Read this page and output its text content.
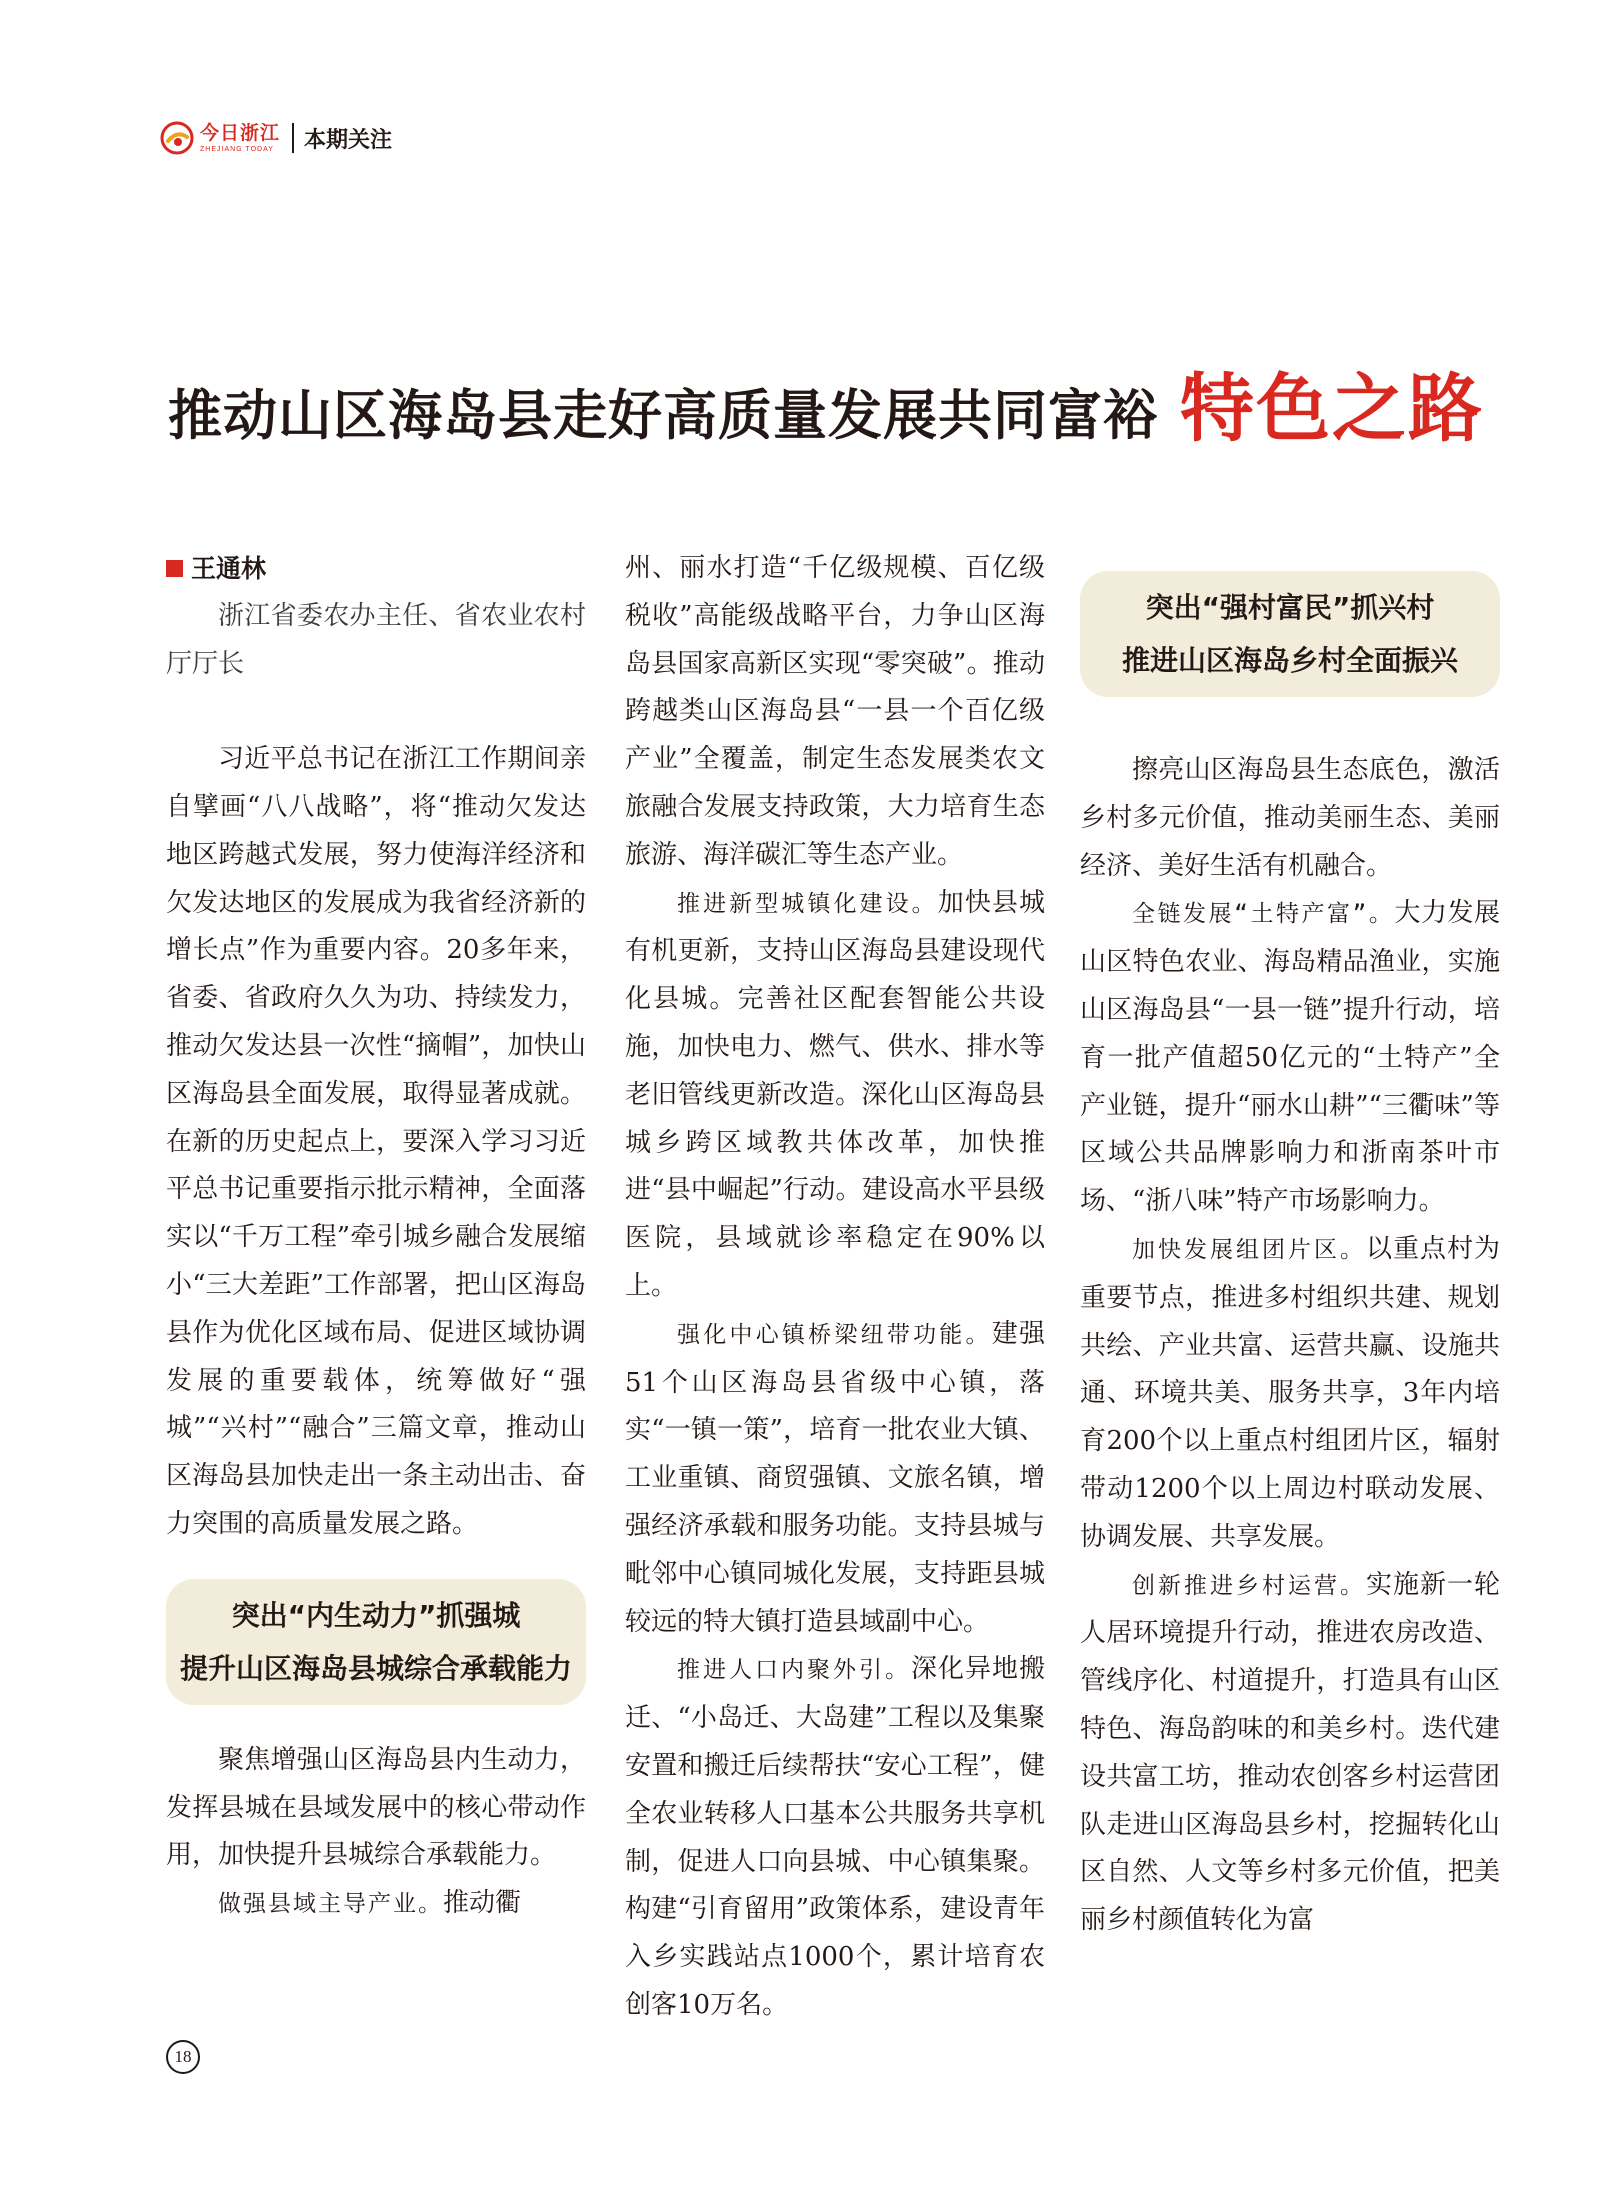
今日浙江
ZHEJIANG TODAY 本期关注
推动山区海岛县走好高质量发展共同富裕 特色之路
王通林

浙江省委农办主任、省农业农村厅厅长

习近平总书记在浙江工作期间亲自擘画“八八战略”，将“推动欠发达地区跨越式发展，努力使海洋经济和欠发达地区的发展成为我省经济新的增长点”作为重要内容。20多年来，省委、省政府久久为功、持续发力，推动欠发达县一次性“摘帽”，加快山区海岛县全面发展，取得显著成就。在新的历史起点上，要深入学习习近平总书记重要指示批示精神，全面落实以“千万工程”牵引城乡融合发展缩小“三大差距”工作部署，把山区海岛县作为优化区域布局、促进区域协调发展的重要载体，统筹做好“强城”“兴村”“融合”三篇文章，推动山区海岛县加快走出一条主动出击、奋力突围的高质量发展之路。

突出“内生动力”抓强城
提升山区海岛县城综合承载能力

聚焦增强山区海岛县内生动力，发挥县城在县域发展中的核心带动作用，加快提升县城综合承载能力。

做强县域主导产业。推动衢

州、丽水打造“千亿级规模、百亿级税收”高能级战略平台，力争山区海岛县国家高新区实现“零突破”。推动跨越类山区海岛县“一县一个百亿级产业”全覆盖，制定生态发展类农文旅融合发展支持政策，大力培育生态旅游、海洋碳汇等生态产业。

推进新型城镇化建设。加快县城有机更新，支持山区海岛县建设现代化县城。完善社区配套智能公共设施，加快电力、燃气、供水、排水等老旧管线更新改造。深化山区海岛县城乡跨区域教共体改革，加快推进“县中崛起”行动。建设高水平县级医院，县域就诊率稳定在90%以上。

强化中心镇桥梁纽带功能。建强51个山区海岛县省级中心镇，落实“一镇一策”，培育一批农业大镇、工业重镇、商贸强镇、文旅名镇，增强经济承载和服务功能。支持县城与毗邻中心镇同城化发展，支持距县城较远的特大镇打造县域副中心。

推进人口内聚外引。深化异地搬迁、“小岛迁、大岛建”工程以及集聚安置和搬迁后续帮扶“安心工程”，健全农业转移人口基本公共服务共享机制，促进人口向县城、中心镇集聚。构建“引育留用”政策体系，建设青年入乡实践站点1000个，累计培育农创客10万名。

突出“强村富民”抓兴村
推进山区海岛乡村全面振兴

擦亮山区海岛县生态底色，激活乡村多元价值，推动美丽生态、美丽经济、美好生活有机融合。

全链发展“土特产富”。大力发展山区特色农业、海岛精品渔业，实施山区海岛县“一县一链”提升行动，培育一批产值超50亿元的“土特产”全产业链，提升“丽水山耕”“三衢味”等区域公共品牌影响力和浙南茶叶市场、“浙八味”特产市场影响力。

加快发展组团片区。以重点村为重要节点，推进多村组织共建、规划共绘、产业共富、运营共赢、设施共通、环境共美、服务共享，3年内培育200个以上重点村组团片区，辐射带动1200个以上周边村联动发展、协调发展、共享发展。

创新推进乡村运营。实施新一轮人居环境提升行动，推进农房改造、管线序化、村道提升，打造具有山区特色、海岛韵味的和美乡村。迭代建设共富工坊，推动农创客乡村运营团队走进山区海岛县乡村，挖掘转化山区自然、人文等乡村多元价值，把美丽乡村颜值转化为富

18
